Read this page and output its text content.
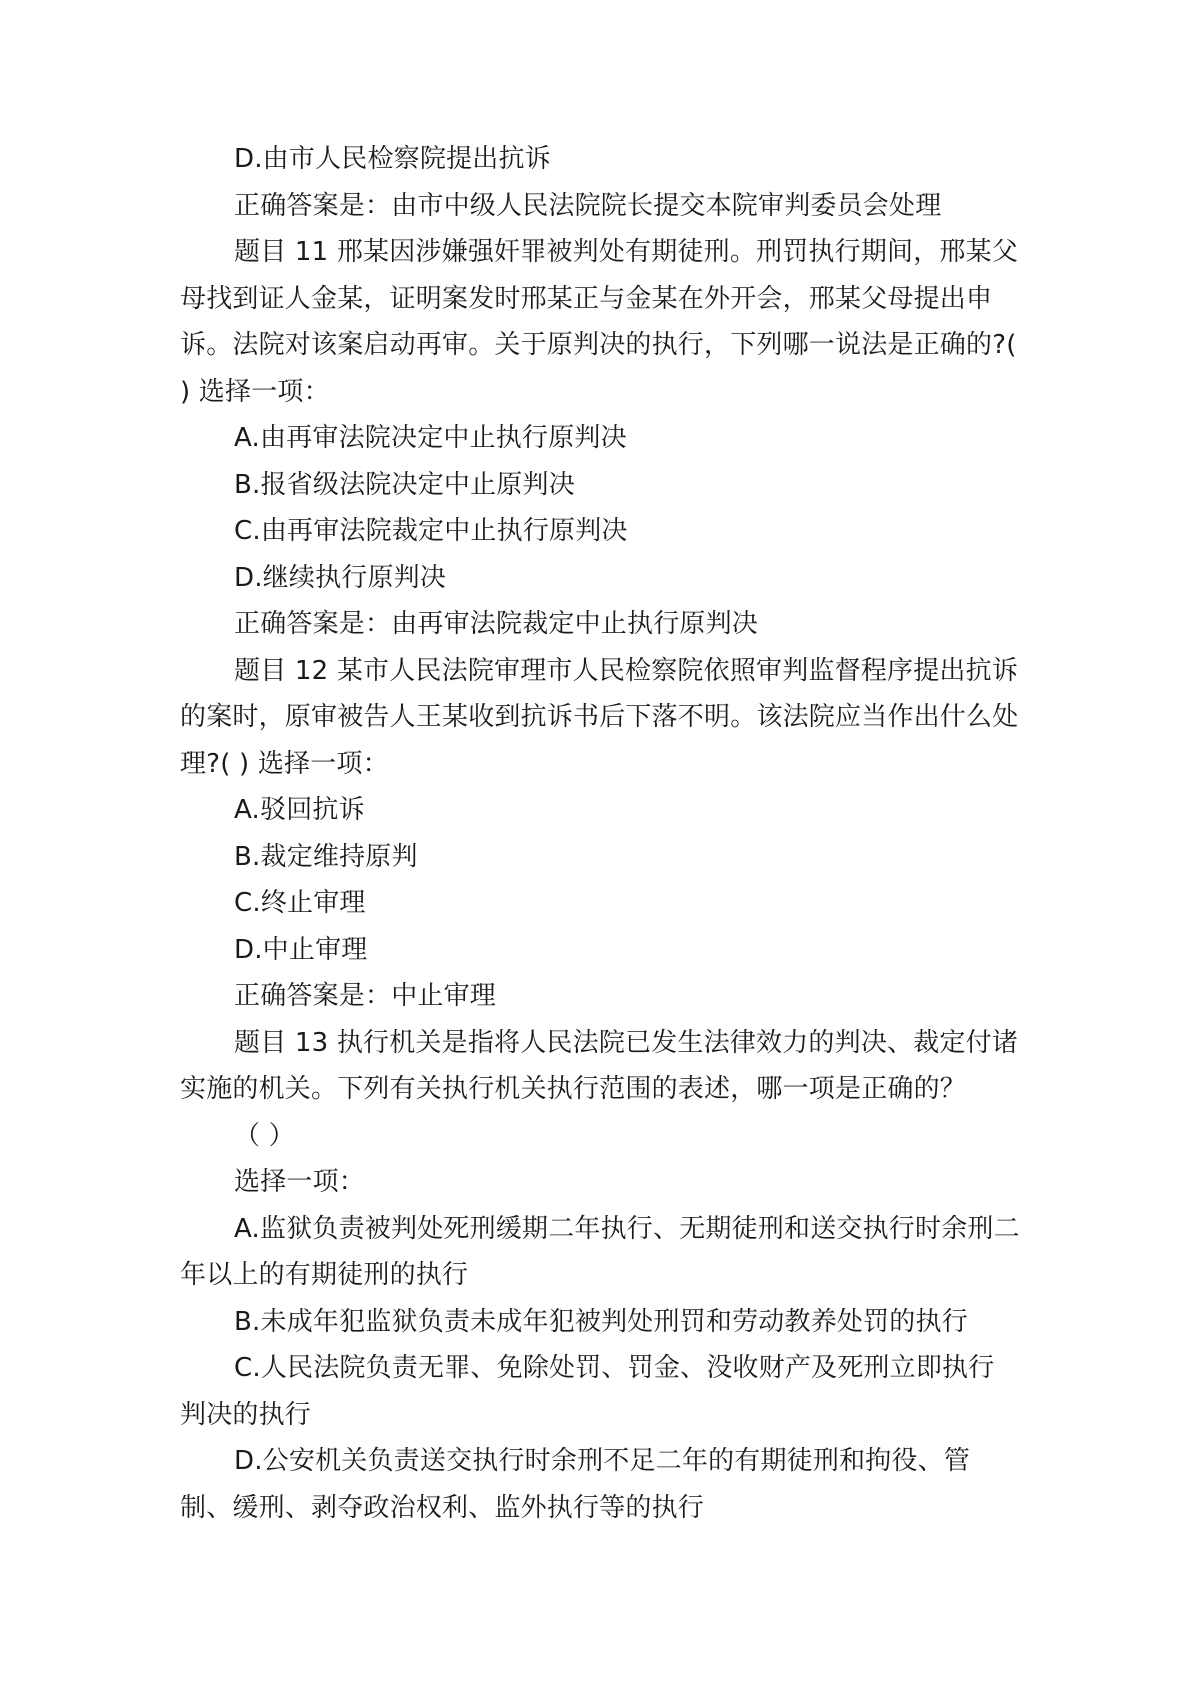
D.由市人民检察院提出抗诉

正确答案是：由市中级人民法院院长提交本院审判委员会处理

题目 11 邢某因涉嫌强奸罪被判处有期徒刑。刑罚执行期间，邢某父母找到证人金某，证明案发时邢某正与金某在外开会，邢某父母提出申诉。法院对该案启动再审。关于原判决的执行，下列哪一说法是正确的?( ) 选择一项：

A.由再审法院决定中止执行原判决

B.报省级法院决定中止原判决

C.由再审法院裁定中止执行原判决

D.继续执行原判决

正确答案是：由再审法院裁定中止执行原判决

题目 12 某市人民法院审理市人民检察院依照审判监督程序提出抗诉的案时，原审被告人王某收到抗诉书后下落不明。该法院应当作出什么处理?( ) 选择一项：

A.驳回抗诉

B.裁定维持原判

C.终止审理

D.中止审理

正确答案是：中止审理

题目 13 执行机关是指将人民法院已发生法律效力的判决、裁定付诸实施的机关。下列有关执行机关执行范围的表述，哪一项是正确的？

（ ）

选择一项：

A.监狱负责被判处死刑缓期二年执行、无期徒刑和送交执行时余刑二年以上的有期徒刑的执行

B.未成年犯监狱负责未成年犯被判处刑罚和劳动教养处罚的执行

C.人民法院负责无罪、免除处罚、罚金、没收财产及死刑立即执行判决的执行

D.公安机关负责送交执行时余刑不足二年的有期徒刑和拘役、管制、缓刑、剥夺政治权利、监外执行等的执行
